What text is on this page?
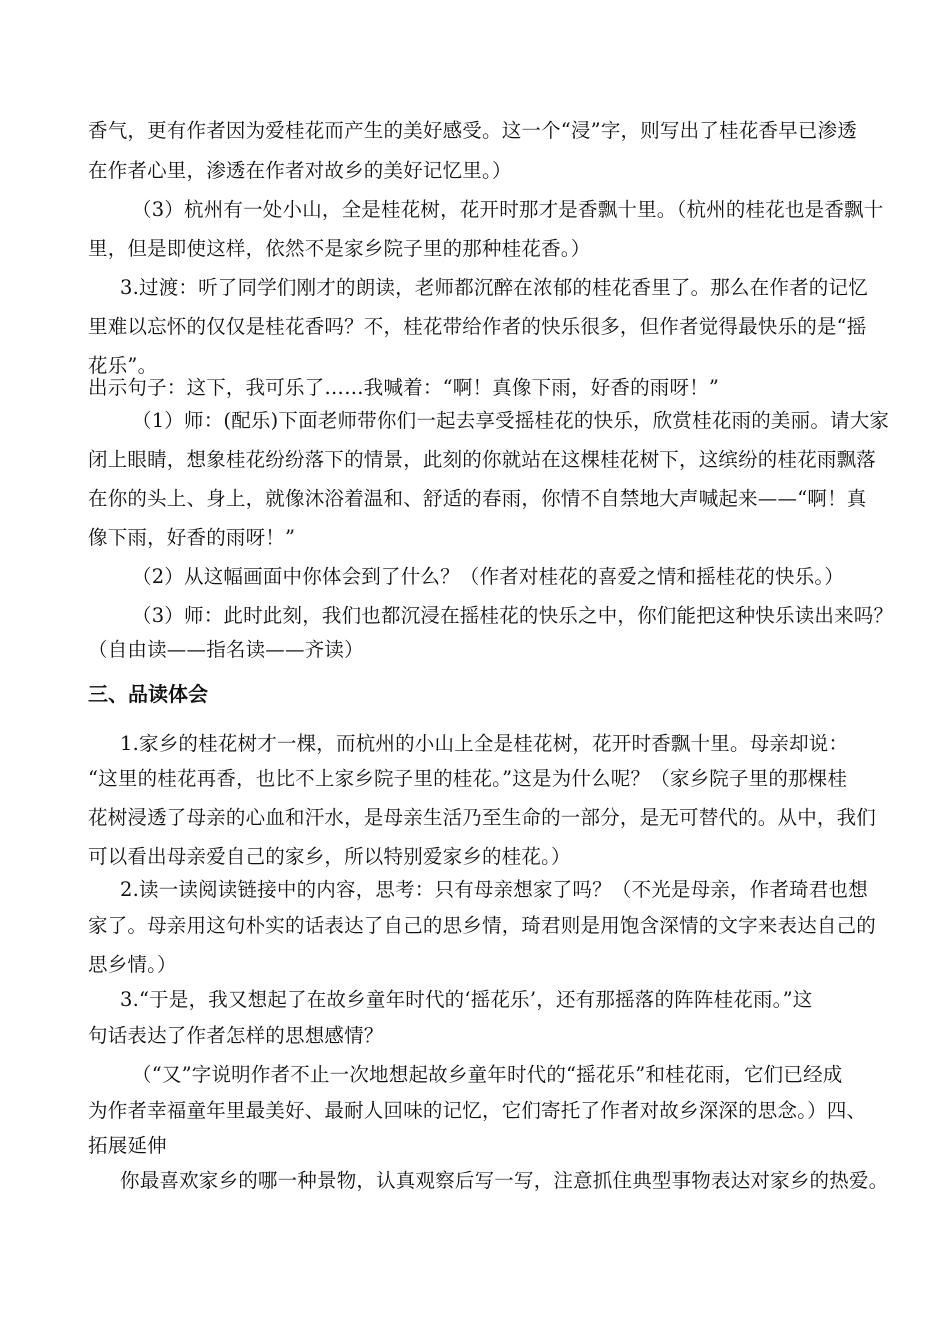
香气，更有作者因为爱桂花而产生的美好感受。这一个“浸”字，则写出了桂花香早已渗透
在作者心里，渗透在作者对故乡的美好记忆里。）
（3）杭州有一处小山，全是桂花树，花开时那才是香飘十里。（杭州的桂花也是香飘十
里，但是即使这样，依然不是家乡院子里的那种桂花香。）
3.过渡：听了同学们刚才的朗读，老师都沉醉在浓郁的桂花香里了。那么在作者的记忆
里难以忘怀的仅仅是桂花香吗？不，桂花带给作者的快乐很多，但作者觉得最快乐的是“摇
花乐”。
出示句子：这下，我可乐了……我喊着：“啊！真像下雨，好香的雨呀！”
（1）师：(配乐)下面老师带你们一起去享受摇桂花的快乐，欣赏桂花雨的美丽。请大家
闭上眼睛，想象桂花纷纷落下的情景，此刻的你就站在这棵桂花树下，这缤纷的桂花雨飘落
在你的头上、身上，就像沐浴着温和、舒适的春雨，你情不自禁地大声喊起来——“啊！真
像下雨，好香的雨呀！”
（2）从这幅画面中你体会到了什么？（作者对桂花的喜爱之情和摇桂花的快乐。）
（3）师：此时此刻，我们也都沉浸在摇桂花的快乐之中，你们能把这种快乐读出来吗？
（自由读——指名读——齐读）
三、品读体会
1.家乡的桂花树才一棵，而杭州的小山上全是桂花树，花开时香飘十里。母亲却说：
“这里的桂花再香，也比不上家乡院子里的桂花。”这是为什么呢？（家乡院子里的那棵桂
花树浸透了母亲的心血和汗水，是母亲生活乃至生命的一部分，是无可替代的。从中，我们
可以看出母亲爱自己的家乡，所以特别爱家乡的桂花。）
2.读一读阅读链接中的内容，思考：只有母亲想家了吗？（不光是母亲，作者琦君也想
家了。母亲用这句朴实的话表达了自己的思乡情，琦君则是用饱含深情的文字来表达自己的
思乡情。）
3.“于是，我又想起了在故乡童年时代的‘摇花乐’，还有那摇落的阵阵桂花雨。”这
句话表达了作者怎样的思想感情？
（“又”字说明作者不止一次地想起故乡童年时代的“摇花乐”和桂花雨，它们已经成
为作者幸福童年里最美好、最耐人回味的记忆，它们寄托了作者对故乡深深的思念。）四、
拓展延伸
你最喜欢家乡的哪一种景物，认真观察后写一写，注意抓住典型事物表达对家乡的热爱。
